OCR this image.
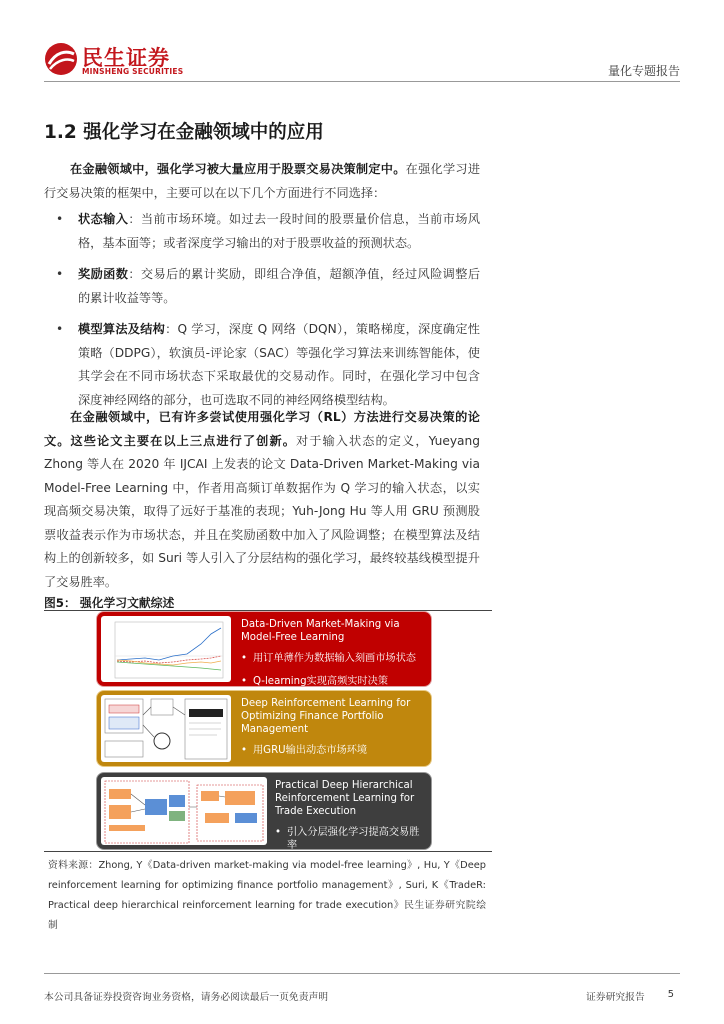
民生证券
MINSHENG SECURITIES	量化专题报告
1.2 强化学习在金融领域中的应用
在金融领域中，强化学习被大量应用于股票交易决策制定中。在强化学习进行交易决策的框架中，主要可以在以下几个方面进行不同选择：
• 状态输入：当前市场环境。如过去一段时间的股票量价信息，当前市场风格，基本面等；或者深度学习输出的对于股票收益的预测状态。
• 奖励函数：交易后的累计奖励，即组合净值，超额净值，经过风险调整后的累计收益等等。
• 模型算法及结构：Q 学习，深度 Q 网络（DQN），策略梯度，深度确定性策略（DDPG），软演员-评论家（SAC）等强化学习算法来训练智能体，使其学会在不同市场状态下采取最优的交易动作。同时，在强化学习中包含深度神经网络的部分，也可选取不同的神经网络模型结构。
在金融领域中，已有许多尝试使用强化学习（RL）方法进行交易决策的论文。这些论文主要在以上三点进行了创新。对于输入状态的定义，Yueyang Zhong 等人在 2020 年 IJCAI 上发表的论文 Data-Driven Market-Making via Model-Free Learning 中，作者用高频订单数据作为 Q 学习的输入状态，以实现高频交易决策，取得了远好于基准的表现；Yuh-Jong Hu 等人用 GRU 预测股票收益表示作为市场状态，并且在奖励函数中加入了风险调整；在模型算法及结构上的创新较多，如 Suri 等人引入了分层结构的强化学习，最终较基线模型提升了交易胜率。
图5： 强化学习文献综述
Data-Driven Market-Making via Model-Free Learning
• 用订单薄作为数据输入刻画市场状态
• Q-learning实现高频实时决策
Deep Reinforcement Learning for Optimizing Finance Portfolio Management
• 用GRU输出动态市场环境
Practical Deep Hierarchical Reinforcement Learning for Trade Execution
• 引入分层强化学习提高交易胜率
资料来源：Zhong, Y《Data-driven market-making via model-free learning》, Hu, Y《Deep reinforcement learning for optimizing finance portfolio management》, Suri, K《TradeR: Practical deep hierarchical reinforcement learning for trade execution》民生证券研究院绘制
本公司具备证券投资咨询业务资格，请务必阅读最后一页免责声明	证券研究报告 5
